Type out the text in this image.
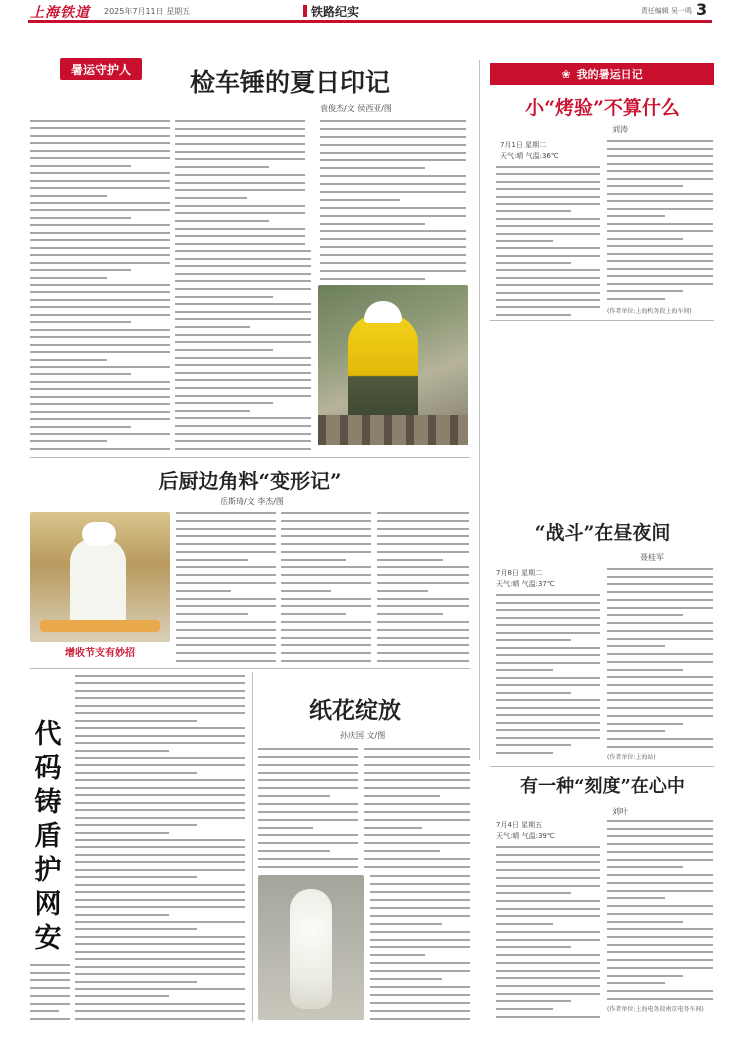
上海铁道	2025年7月11日 星期五	铁路纪实	责任编辑 吴一鸣 3
暑运守护人	检车锤的夏日印记
袁俊杰/文 侯西亚/图
❀ 我的暑运日记
小“烤验”不算什么
刘涛
7月1日 星期二
天气:晴 气温:36℃
(作者单位:上海机务段上海车间)
后厨边角料“变形记”
岳斯琦/文 李杰/图
增收节支有妙招
“战斗”在昼夜间
聂桂军
7月8日 星期二
天气:晴 气温:37℃
(作者单位:上海站)
代
码
铸
盾
护
网
安
纸花绽放
孙庆国 文/图
有一种“刻度”在心中
刘叶
7月4日 星期五
天气:晴 气温:39℃
(作者单位:上海电务段南京电务车间)
